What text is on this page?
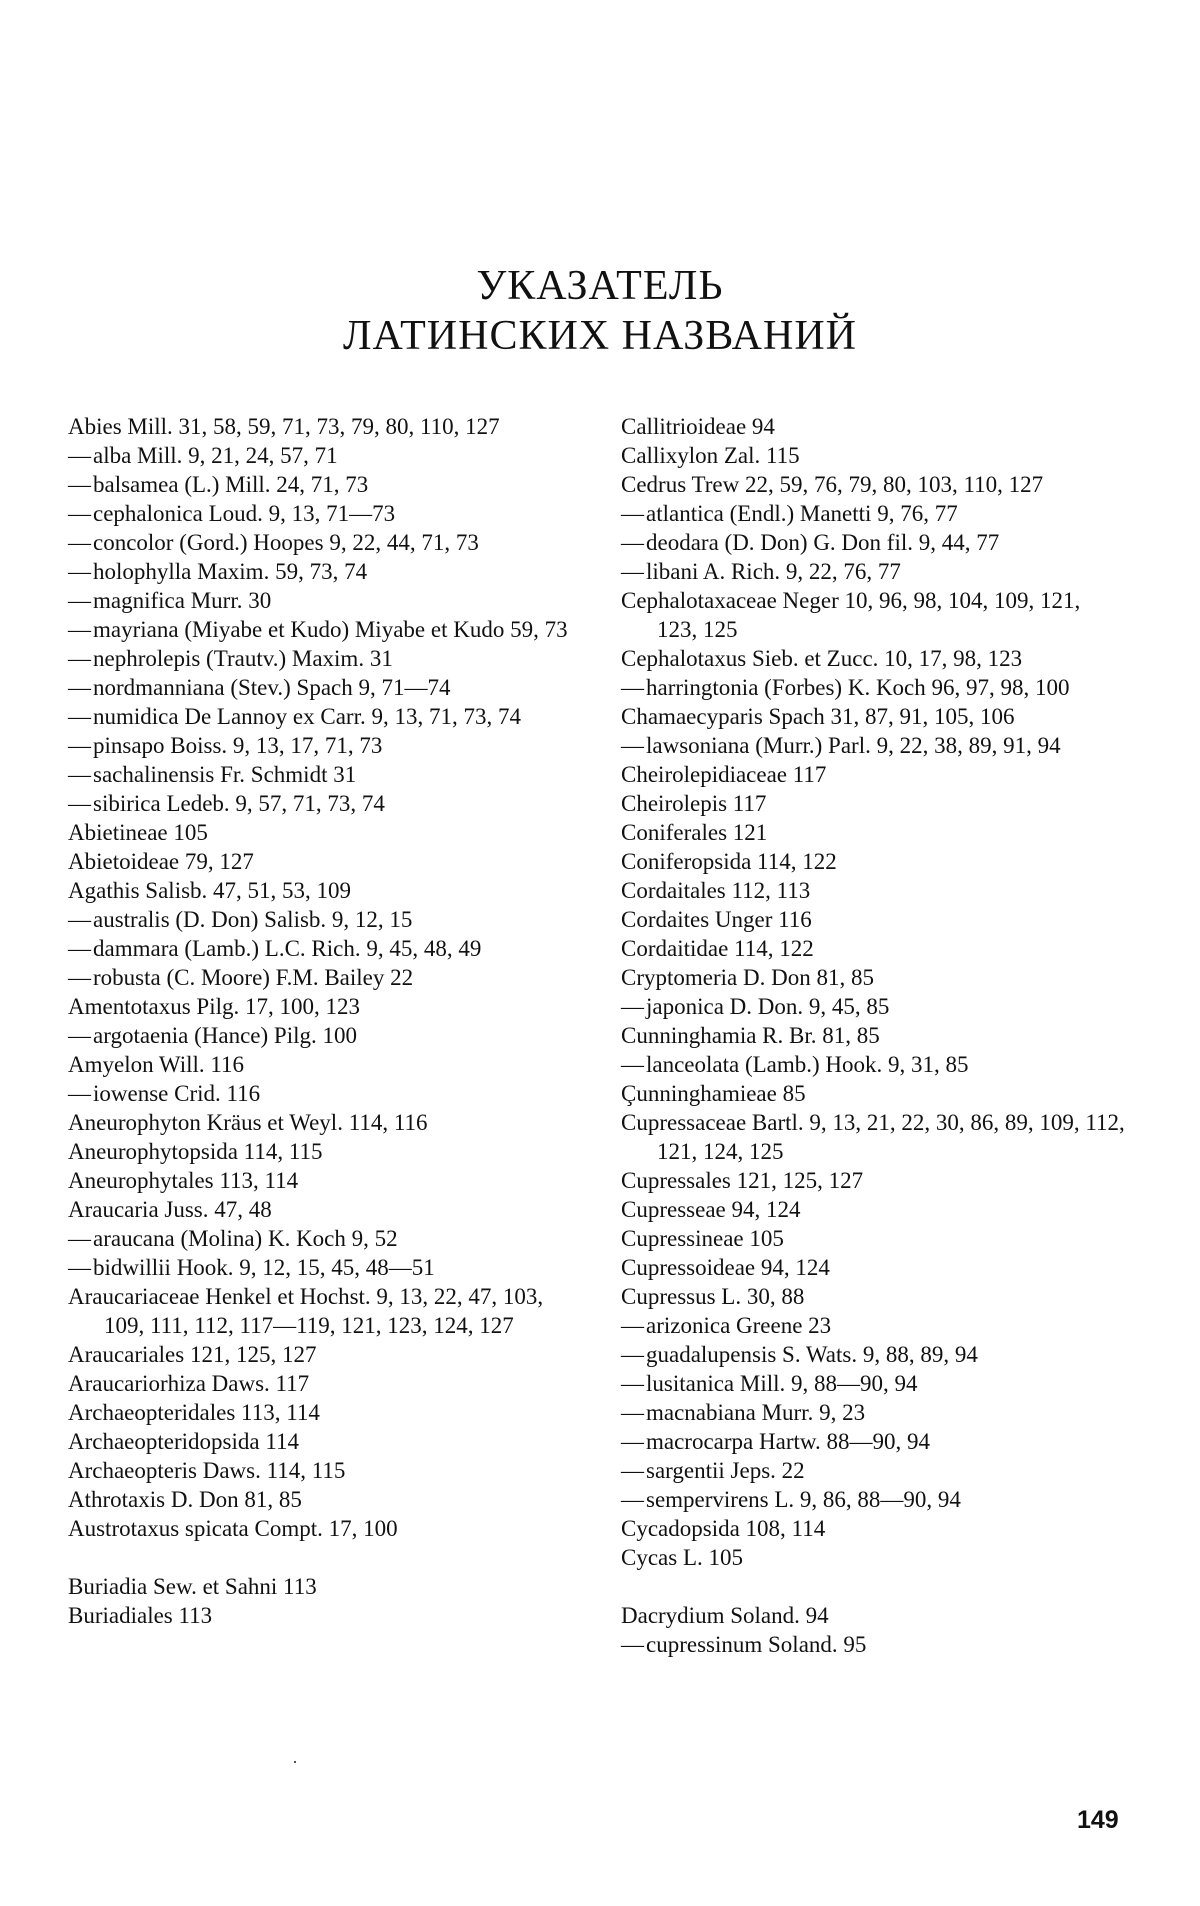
УКАЗАТЕЛЬ
ЛАТИНСКИХ НАЗВАНИЙ
Abies Mill. 31, 58, 59, 71, 73, 79, 80, 110, 127
— alba Mill. 9, 21, 24, 57, 71
— balsamea (L.) Mill. 24, 71, 73
— cephalonica Loud. 9, 13, 71—73
— concolor (Gord.) Hoopes 9, 22, 44, 71, 73
— holophylla Maxim. 59, 73, 74
— magnifica Murr. 30
— mayriana (Miyabe et Kudo) Miyabe et Kudo 59, 73
— nephrolepis (Trautv.) Maxim. 31
— nordmanniana (Stev.) Spach 9, 71—74
— numidica De Lannoy ex Carr. 9, 13, 71, 73, 74
— pinsapo Boiss. 9, 13, 17, 71, 73
— sachalinensis Fr. Schmidt 31
— sibirica Ledeb. 9, 57, 71, 73, 74
Abietineae 105
Abietoideae 79, 127
Agathis Salisb. 47, 51, 53, 109
— australis (D. Don) Salisb. 9, 12, 15
— dammara (Lamb.) L.C. Rich. 9, 45, 48, 49
— robusta (C. Moore) F.M. Bailey 22
Amentotaxus Pilg. 17, 100, 123
— argotaenia (Hance) Pilg. 100
Amyelon Will. 116
— iowense Crid. 116
Aneurophyton Kräus et Weyl. 114, 116
Aneurophytopsida 114, 115
Aneurophytales 113, 114
Araucaria Juss. 47, 48
— araucana (Molina) K. Koch 9, 52
— bidwillii Hook. 9, 12, 15, 45, 48—51
Araucariaceae Henkel et Hochst. 9, 13, 22, 47, 103, 109, 111, 112, 117—119, 121, 123, 124, 127
Araucariales 121, 125, 127
Araucariorhiza Daws. 117
Archaeopteridales 113, 114
Archaeopteridopsida 114
Archaeopteris Daws. 114, 115
Athrotaxis D. Don 81, 85
Austrotaxus spicata Compt. 17, 100
Buriadia Sew. et Sahni 113
Buriadiales 113
Callitrioideae 94
Callixylon Zal. 115
Cedrus Trew 22, 59, 76, 79, 80, 103, 110, 127
— atlantica (Endl.) Manetti 9, 76, 77
— deodara (D. Don) G. Don fil. 9, 44, 77
— libani A. Rich. 9, 22, 76, 77
Cephalotaxaceae Neger 10, 96, 98, 104, 109, 121, 123, 125
Cephalotaxus Sieb. et Zucc. 10, 17, 98, 123
— harringtonia (Forbes) K. Koch 96, 97, 98, 100
Chamaecyparis Spach 31, 87, 91, 105, 106
— lawsoniana (Murr.) Parl. 9, 22, 38, 89, 91, 94
Cheirolepidiaceae 117
Cheirolepis 117
Coniferales 121
Coniferopsida 114, 122
Cordaitales 112, 113
Cordaites Unger 116
Cordaitidae 114, 122
Cryptomeria D. Don 81, 85
— japonica D. Don. 9, 45, 85
Cunninghamia R. Br. 81, 85
— lanceolata (Lamb.) Hook. 9, 31, 85
Çunninghamieae 85
Cupressaceae Bartl. 9, 13, 21, 22, 30, 86, 89, 109, 112, 121, 124, 125
Cupressales 121, 125, 127
Cupresseae 94, 124
Cupressineae 105
Cupressoideae 94, 124
Cupressus L. 30, 88
— arizonica Greene 23
— guadalupensis S. Wats. 9, 88, 89, 94
— lusitanica Mill. 9, 88—90, 94
— macnabiana Murr. 9, 23
— macrocarpa Hartw. 88—90, 94
— sargentii Jeps. 22
— sempervirens L. 9, 86, 88—90, 94
Cycadopsida 108, 114
Cycas L. 105
Dacrydium Soland. 94
— cupressinum Soland. 95
·
149
